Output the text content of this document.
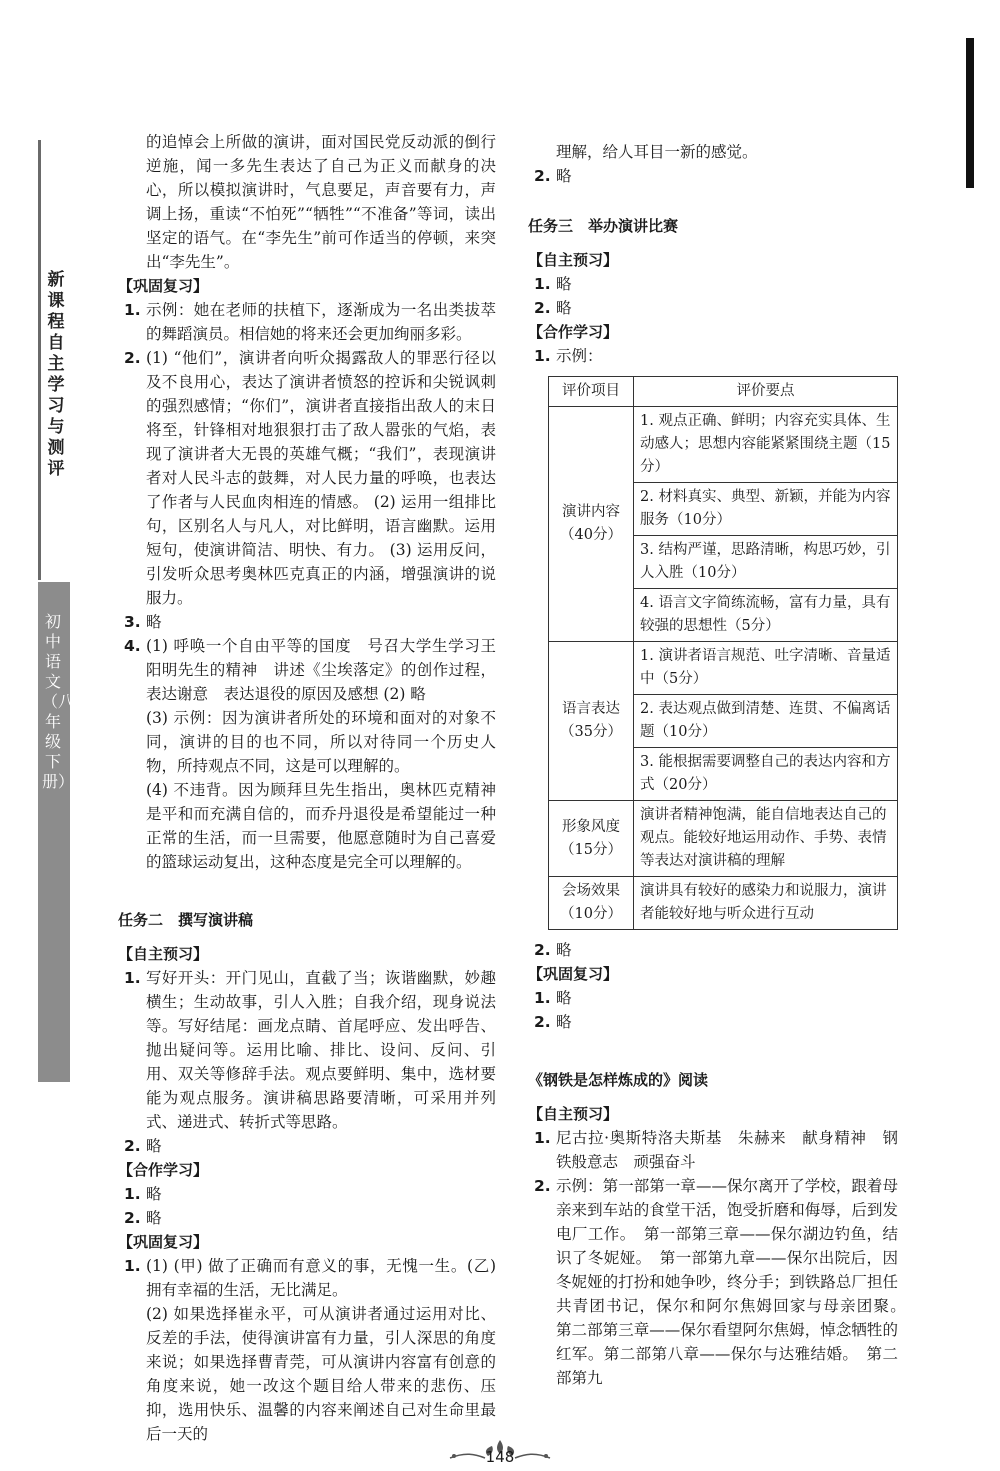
新课程自主学习与测评
初中语文（八年级下册）

的追悼会上所做的演讲，面对国民党反动派的倒行逆施，闻一多先生表达了自己为正义而献身的决心，所以模拟演讲时，气息要足，声音要有力，声调上扬，重读“不怕死”“牺牲”“不准备”等词，读出坚定的语气。在“李先生”前可作适当的停顿，来突出“李先生”。

【巩固复习】

1. 示例：她在老师的扶植下，逐渐成为一名出类拔萃的舞蹈演员。相信她的将来还会更加绚丽多彩。
2. (1) “他们”，演讲者向听众揭露敌人的罪恶行径以及不良用心，表达了演讲者愤怒的控诉和尖锐讽刺的强烈感情；“你们”，演讲者直接指出敌人的末日将至，针锋相对地狠狠打击了敌人嚣张的气焰，表现了演讲者大无畏的英雄气概；“我们”，表现演讲者对人民斗志的鼓舞，对人民力量的呼唤，也表达了作者与人民血肉相连的情感。 (2) 运用一组排比句，区别名人与凡人，对比鲜明，语言幽默。运用短句，使演讲简洁、明快、有力。 (3) 运用反问，引发听众思考奥林匹克真正的内涵，增强演讲的说服力。
3. 略
4. (1) 呼唤一个自由平等的国度　号召大学生学习王阳明先生的精神　讲述《尘埃落定》的创作过程，表达谢意　表达退役的原因及感想 (2) 略

(3) 示例：因为演讲者所处的环境和面对的对象不同，演讲的目的也不同，所以对待同一个历史人物，所持观点不同，这是可以理解的。

(4) 不违背。因为顾拜旦先生指出，奥林匹克精神是平和而充满自信的，而乔丹退役是希望能过一种正常的生活，而一旦需要，他愿意随时为自己喜爱的篮球运动复出，这种态度是完全可以理解的。

任务二　撰写演讲稿

【自主预习】

1. 写好开头：开门见山，直截了当；诙谐幽默，妙趣横生；生动故事，引人入胜；自我介绍，现身说法等。写好结尾：画龙点睛、首尾呼应、发出呼告、抛出疑问等。运用比喻、排比、设问、反问、引用、双关等修辞手法。观点要鲜明、集中，选材要能为观点服务。演讲稿思路要清晰，可采用并列式、递进式、转折式等思路。
2. 略

【合作学习】

1. 略
2. 略

【巩固复习】

1. (1) (甲) 做了正确而有意义的事，无愧一生。(乙) 拥有幸福的生活，无比满足。

(2) 如果选择崔永平，可从演讲者通过运用对比、反差的手法，使得演讲富有力量，引人深思的角度来说；如果选择曹青莞，可从演讲内容富有创意的角度来说，她一改这个题目给人带来的悲伤、压抑，选用快乐、温馨的内容来阐述自己对生命里最后一天的

理解，给人耳目一新的感觉。

2. 略

任务三　举办演讲比赛

【自主预习】

1. 略
2. 略

【合作学习】

1. 示例：
评价项目	评价要点
演讲内容（40分）	1. 观点正确、鲜明；内容充实具体、生动感人；思想内容能紧紧围绕主题（15分）
	2. 材料真实、典型、新颖，并能为内容服务（10分）
	3. 结构严谨，思路清晰，构思巧妙，引人入胜（10分）
	4. 语言文字简练流畅，富有力量，具有较强的思想性（5分）
语言表达（35分）	1. 演讲者语言规范、吐字清晰、音量适中（5分）
	2. 表达观点做到清楚、连贯、不偏离话题（10分）
	3. 能根据需要调整自己的表达内容和方式（20分）
形象风度（15分）	演讲者精神饱满，能自信地表达自己的观点。能较好地运用动作、手势、表情等表达对演讲稿的理解
会场效果（10分）	演讲具有较好的感染力和说服力，演讲者能较好地与听众进行互动
2. 略

【巩固复习】

1. 略
2. 略

《钢铁是怎样炼成的》阅读

【自主预习】

1. 尼古拉·奥斯特洛夫斯基　朱赫来　献身精神　钢铁般意志　顽强奋斗
2. 示例：第一部第一章——保尔离开了学校，跟着母亲来到车站的食堂干活，饱受折磨和侮辱，后到发电厂工作。　第一部第三章——保尔湖边钓鱼，结识了冬妮娅。　第一部第九章——保尔出院后，因冬妮娅的打扮和她争吵，终分手；到铁路总厂担任共青团书记，保尔和阿尔焦姆回家与母亲团聚。　第二部第三章——保尔看望阿尔焦姆，悼念牺牲的红军。第二部第八章——保尔与达雅结婚。　第二部第九
148
